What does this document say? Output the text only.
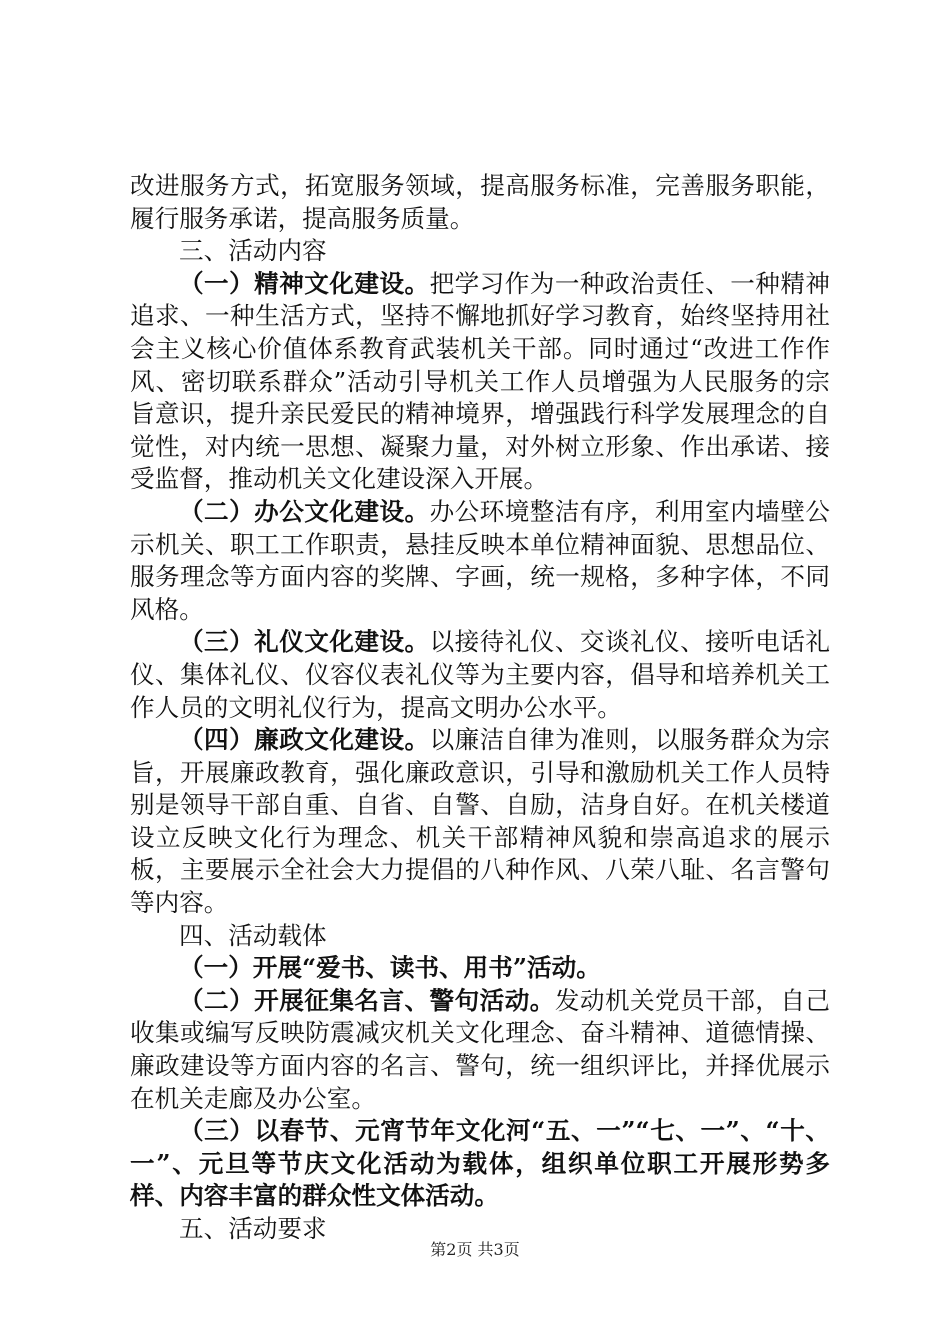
改进服务方式，拓宽服务领域，提高服务标准，完善服务职能，履行服务承诺，提高服务质量。

三、活动内容

（一）精神文化建设。把学习作为一种政治责任、一种精神追求、一种生活方式，坚持不懈地抓好学习教育，始终坚持用社会主义核心价值体系教育武装机关干部。同时通过“改进工作作风、密切联系群众”活动引导机关工作人员增强为人民服务的宗旨意识，提升亲民爱民的精神境界，增强践行科学发展理念的自觉性，对内统一思想、凝聚力量，对外树立形象、作出承诺、接受监督，推动机关文化建设深入开展。

（二）办公文化建设。办公环境整洁有序，利用室内墙壁公示机关、职工工作职责，悬挂反映本单位精神面貌、思想品位、服务理念等方面内容的奖牌、字画，统一规格，多种字体，不同风格。

（三）礼仪文化建设。以接待礼仪、交谈礼仪、接听电话礼仪、集体礼仪、仪容仪表礼仪等为主要内容，倡导和培养机关工作人员的文明礼仪行为，提高文明办公水平。

（四）廉政文化建设。以廉洁自律为准则，以服务群众为宗旨，开展廉政教育，强化廉政意识，引导和激励机关工作人员特别是领导干部自重、自省、自警、自励，洁身自好。在机关楼道设立反映文化行为理念、机关干部精神风貌和崇高追求的展示板，主要展示全社会大力提倡的八种作风、八荣八耻、名言警句等内容。

四、活动载体

（一）开展“爱书、读书、用书”活动。

（二）开展征集名言、警句活动。发动机关党员干部，自己收集或编写反映防震减灾机关文化理念、奋斗精神、道德情操、廉政建设等方面内容的名言、警句，统一组织评比，并择优展示在机关走廊及办公室。

（三）以春节、元宵节年文化河“五、一”“七、一”、“十、一”、元旦等节庆文化活动为载体，组织单位职工开展形势多样、内容丰富的群众性文体活动。

五、活动要求

第2页 共3页
